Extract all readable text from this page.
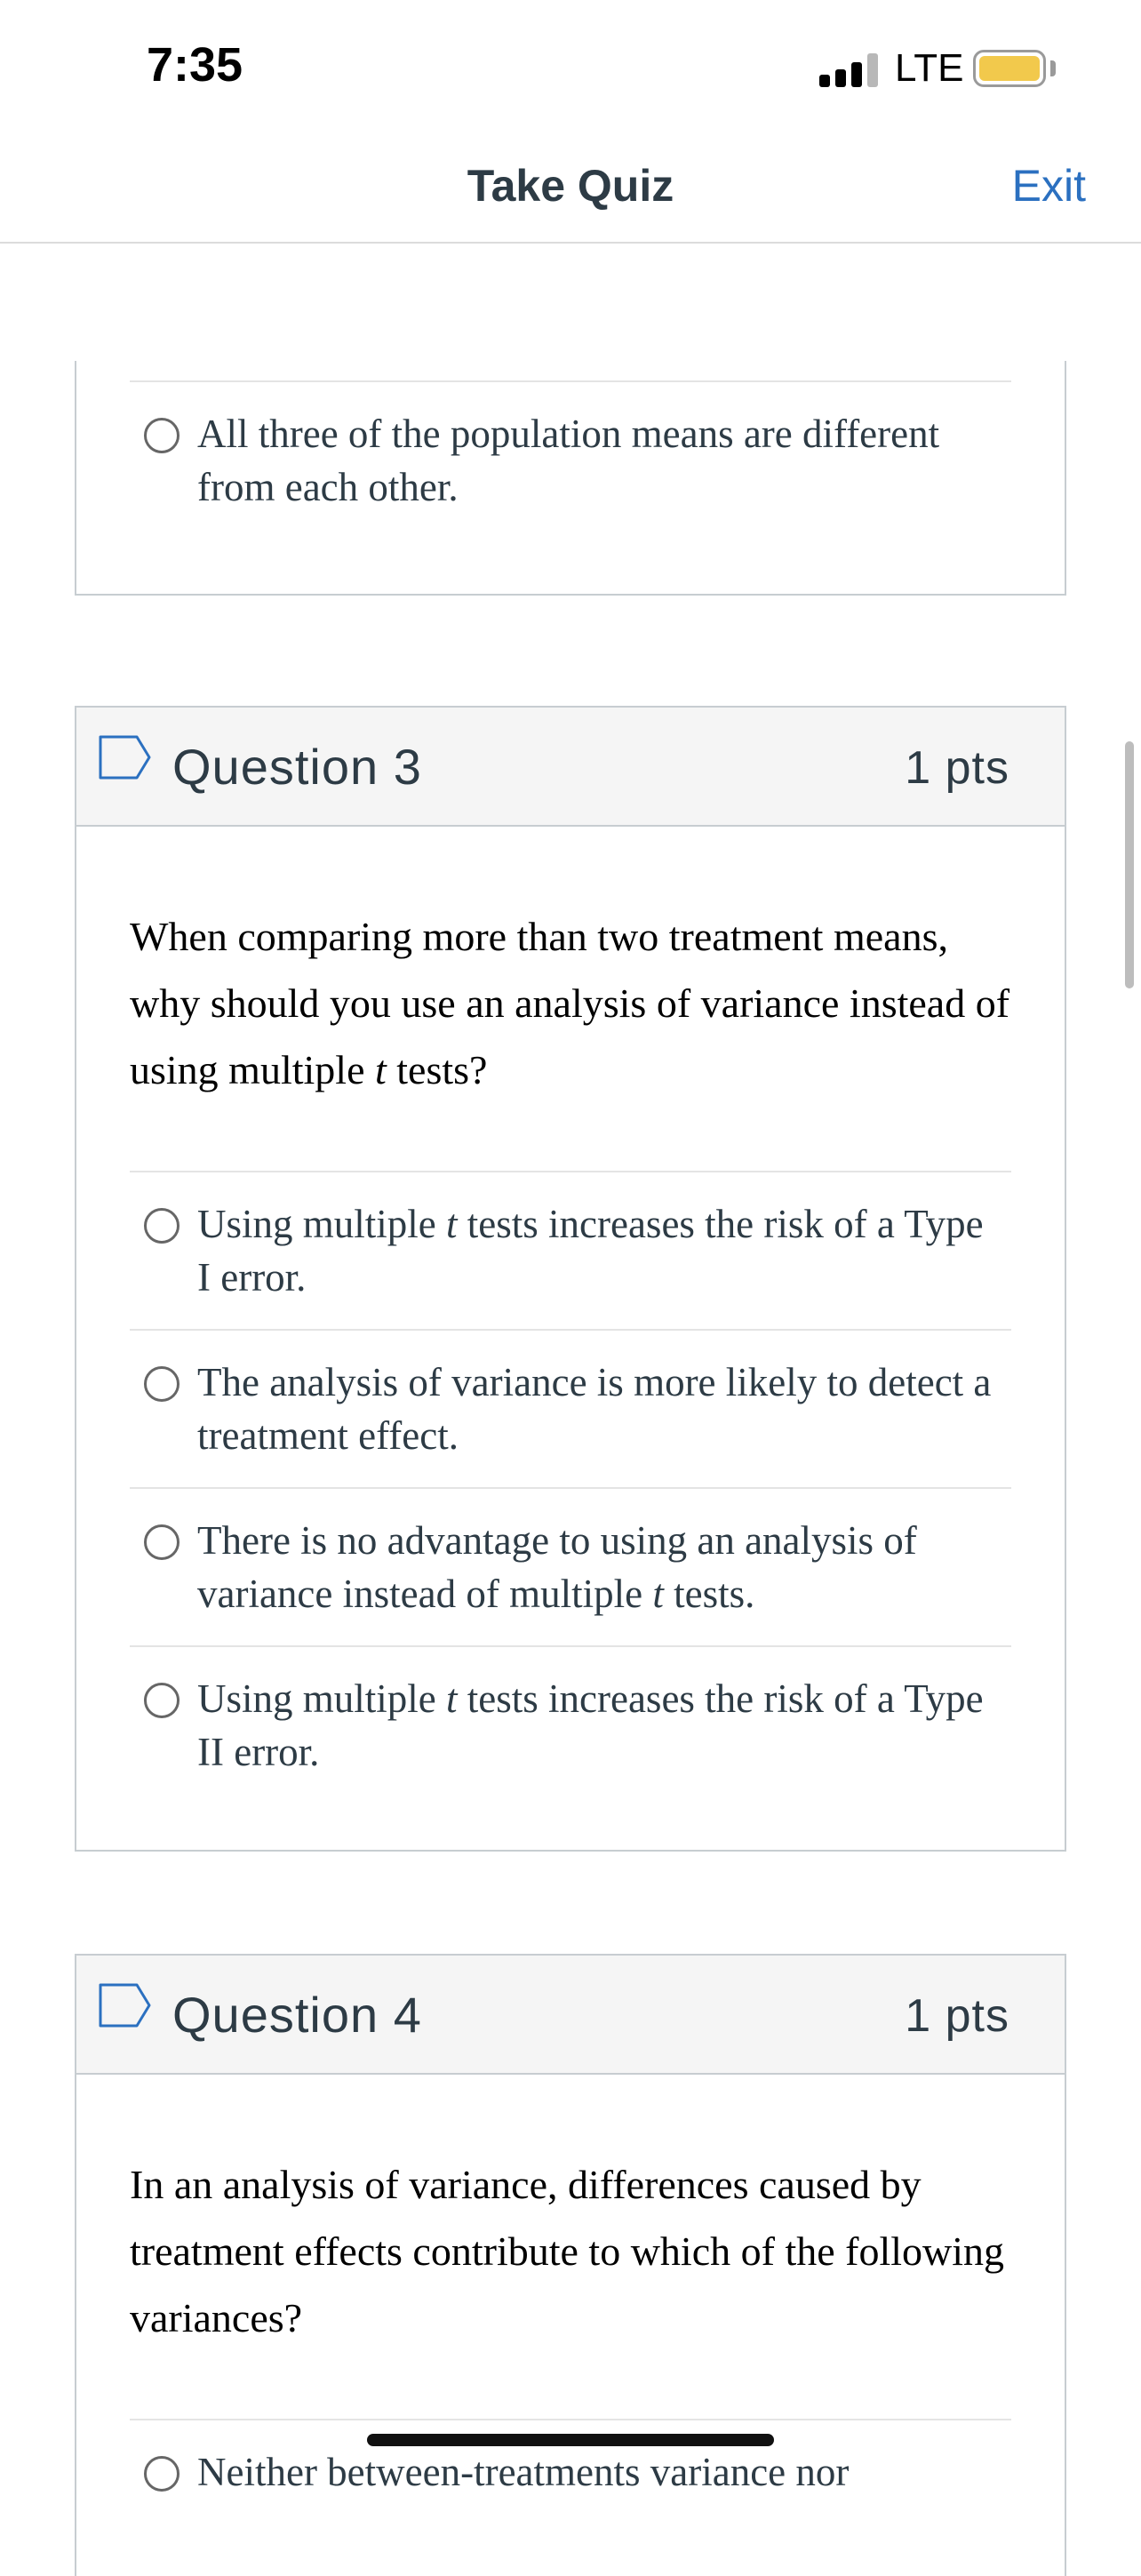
7:35	LTE
Take Quiz	Exit
All three of the population means are different from each other.
Question 3	1 pts
When comparing more than two treatment means, why should you use an analysis of variance instead of using multiple t tests?
Using multiple t tests increases the risk of a Type I error.
The analysis of variance is more likely to detect a treatment effect.
There is no advantage to using an analysis of variance instead of multiple t tests.
Using multiple t tests increases the risk of a Type II error.
Question 4	1 pts
In an analysis of variance, differences caused by treatment effects contribute to which of the following variances?
Neither between-treatments variance nor
